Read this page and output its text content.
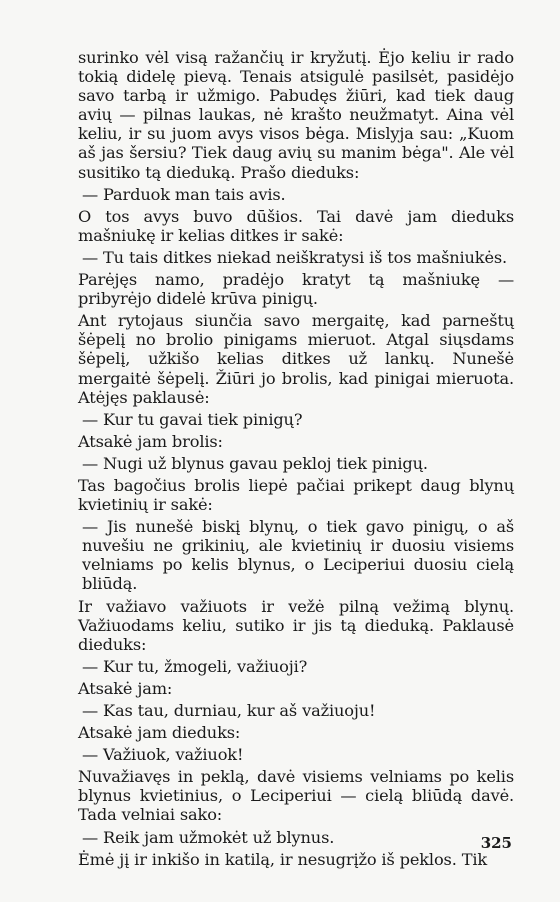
surinko vėl visą ražančių ir kryžutį. Ėjo keliu ir rado tokią didelę pievą. Tenais atsigulė pasilsėt, pasidėjo savo tarbą ir užmigo. Pabudęs žiūri, kad tiek daug avių — pilnas laukas, nė krašto neužmatyt. Aina vėl keliu, ir su juom avys visos bėga. Mislyja sau: „Kuom aš jas šersiu? Tiek daug avių su manim bėga". Ale vėl susitiko tą dieduką. Prašo dieduks:

— Parduok man tais avis.

O tos avys buvo dūšios. Tai davė jam dieduks mašniukę ir kelias ditkes ir sakė:

— Tu tais ditkes niekad neiškratysi iš tos mašniukės.

Parėjęs namo, pradėjo kratyt tą mašniukę — pribyrėjo didelė krūva pinigų.

Ant rytojaus siunčia savo mergaitę, kad parneštų šėpelį no brolio pinigams mieruot. Atgal siųsdams šėpelį, užkišo kelias ditkes už lankų. Nunešė mergaitė šėpelį. Žiūri jo brolis, kad pinigai mieruota. Atėjęs paklausė:

— Kur tu gavai tiek pinigų?

Atsakė jam brolis:

— Nugi už blynus gavau pekloj tiek pinigų.

Tas bagočius brolis liepė pačiai prikept daug blynų kvietinių ir sakė:

— Jis nunešė biskį blynų, o tiek gavo pinigų, o aš nuvešiu ne grikinių, ale kvietinių ir duosiu visiems velniams po kelis blynus, o Leciperiui duosiu cielą bliūdą.

Ir važiavo važiuots ir vežė pilną vežimą blynų. Važiuodams keliu, sutiko ir jis tą dieduką. Paklausė dieduks:

— Kur tu, žmogeli, važiuoji?

Atsakė jam:

— Kas tau, durniau, kur aš važiuoju!

Atsakė jam dieduks:

— Važiuok, važiuok!

Nuvažiavęs in peklą, davė visiems velniams po kelis blynus kvietinius, o Leciperiui — cielą bliūdą davė. Tada velniai sako:

— Reik jam užmokėt už blynus.

Ėmė jį ir inkišo in katilą, ir nesugrįžo iš peklos. Tik

325
